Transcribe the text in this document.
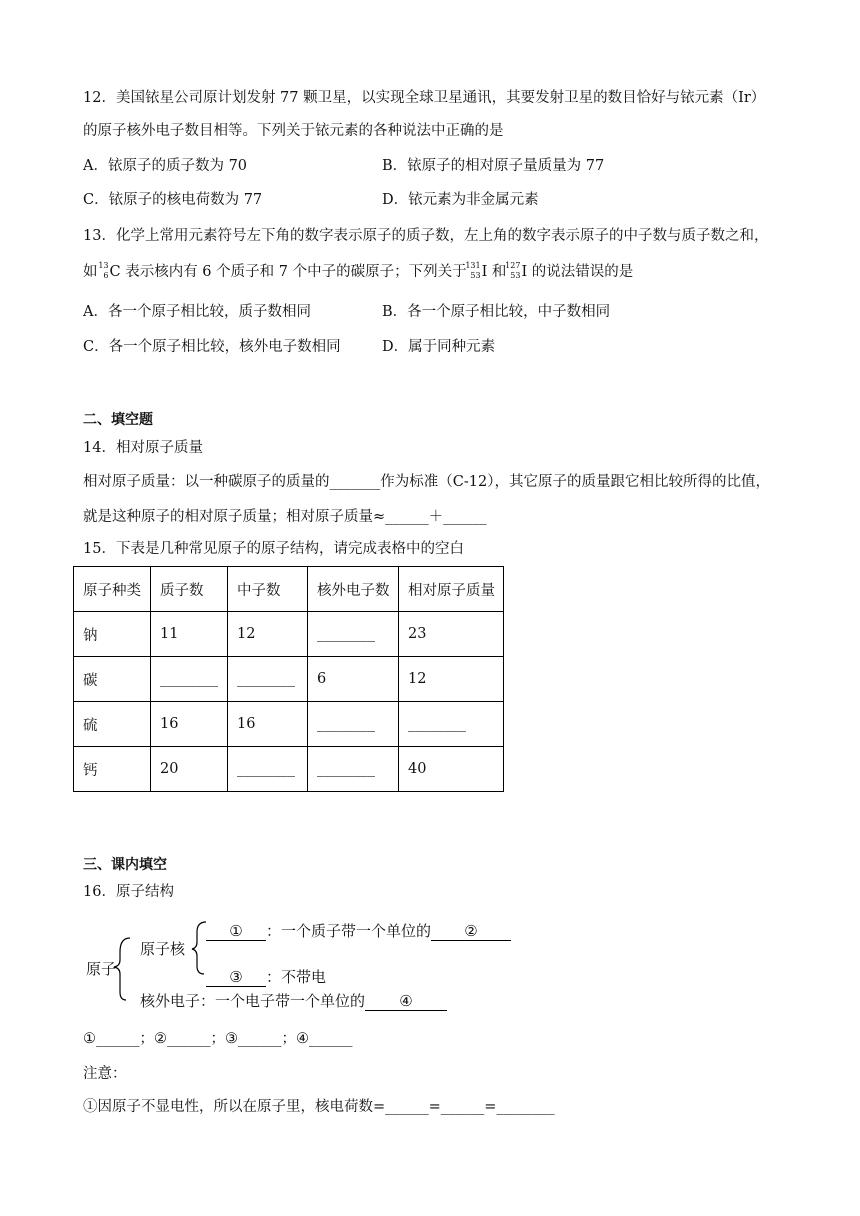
12．美国铱星公司原计划发射 77 颗卫星，以实现全球卫星通讯，其要发射卫星的数目恰好与铱元素（Ir）
的原子核外电子数目相等。下列关于铱元素的各种说法中正确的是
A．铱原子的质子数为 70	B．铱原子的相对原子量质量为 77
C．铱原子的核电荷数为 77	D．铱元素为非金属元素
13．化学上常用元素符号左下角的数字表示原子的质子数，左上角的数字表示原子的中子数与质子数之和，
如 13
6 C 表示核内有 6 个质子和 7 个中子的碳原子；下列关于
131
53 I 和
127
53 I 的说法错误的是
A．各一个原子相比较，质子数相同	B．各一个原子相比较，中子数相同
C．各一个原子相比较，核外电子数相同	D．属于同种元素
二、填空题
14．相对原子质量
相对原子质量：以一种碳原子的质量的_______作为标准（C-12），其它原子的质量跟它相比较所得的比值，
就是这种原子的相对原子质量；相对原子质量≈______＋______
15．下表是几种常见原子的原子结构，请完成表格中的空白
原子种类	质子数	中子数	核外电子数	相对原子质量
钠	11	12	________	23
碳	________	________	6	12
硫	16	16	________	________
钙	20	________	________	40
三、课内填空
16．原子结构
原子
原子核
① ：一个质子带一个单位的 ②
③ ：不带电
核外电子：一个电子带一个单位的 ④
①______；②______；③______；④______
注意：
①因原子不显电性，所以在原子里，核电荷数=______=______=________
